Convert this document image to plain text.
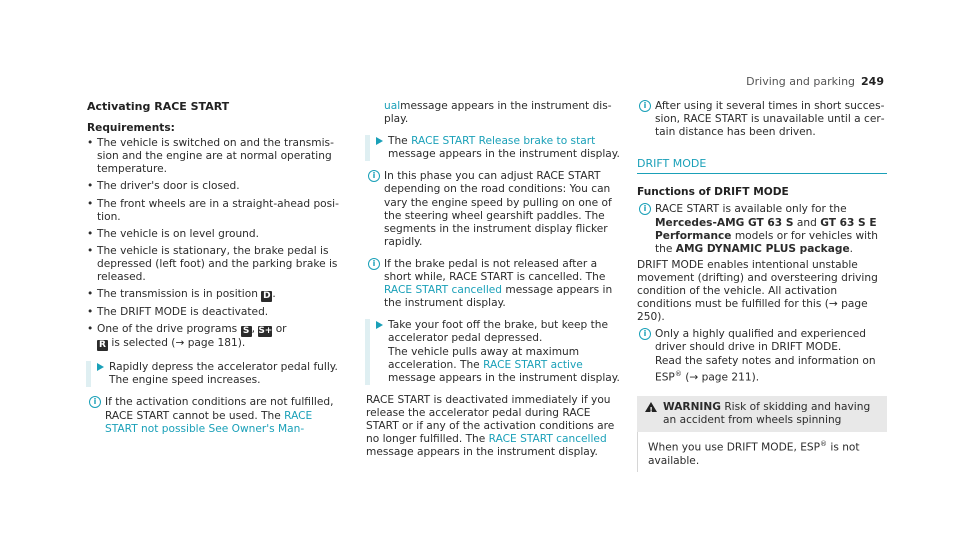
Driving and parking 249
Activating RACE START
Requirements:
• The vehicle is switched on and the transmission and the engine are at normal operating temperature.
• The driver's door is closed.
• The front wheels are in a straight-ahead position.
• The vehicle is on level ground.
• The vehicle is stationary, the brake pedal is depressed (left foot) and the parking brake is released.
• The transmission is in position D .
• The DRIFT MODE is deactivated.
• One of the drive programs S , S+ or
R is selected (→ page 181).
Rapidly depress the accelerator pedal fully.
The engine speed increases.
i If the activation conditions are not fulfilled, RACE START cannot be used. The RACE START not possible See Owner's Man-

ualmessage appears in the instrument display.

The RACE START Release brake to start message appears in the instrument display.
i In this phase you can adjust RACE START depending on the road conditions: You can vary the engine speed by pulling on one of the steering wheel gearshift paddles. The segments in the instrument display flicker rapidly.
i If the brake pedal is not released after a short while, RACE START is cancelled. The RACE START cancelled message appears in the instrument display.
Take your foot off the brake, but keep the accelerator pedal depressed.
The vehicle pulls away at maximum acceleration. The RACE START active message appears in the instrument display.

RACE START is deactivated immediately if you release the accelerator pedal during RACE START or if any of the activation conditions are no longer fulfilled. The RACE START cancelled message appears in the instrument display.

i After using it several times in short succession, RACE START is unavailable until a certain distance has been driven.
DRIFT MODE
Functions of DRIFT MODE
i RACE START is available only for the Mercedes-AMG GT 63 S and GT 63 S E Performance models or for vehicles with the AMG DYNAMIC PLUS package.

DRIFT MODE enables intentional unstable movement (drifting) and oversteering driving condition of the vehicle. All activation conditions must be fulfilled for this (→ page 250).

i Only a highly qualified and experienced driver should drive in DRIFT MODE.
Read the safety notes and information on ESP® (→ page 211).
! WARNING Risk of skidding and having an accident from wheels spinning
When you use DRIFT MODE, ESP® is not available.
